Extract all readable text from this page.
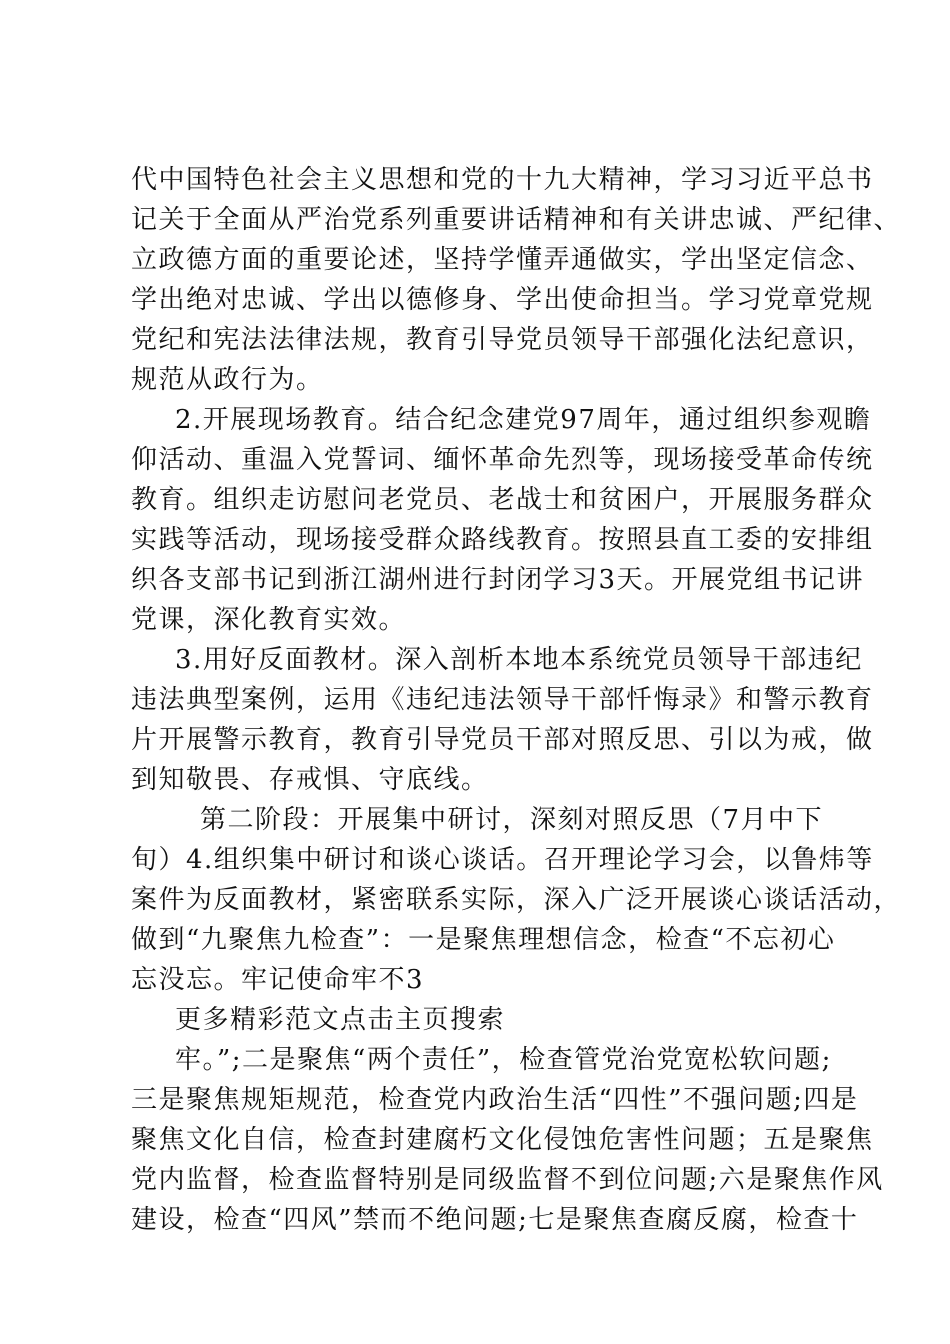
代中国特色社会主义思想和党的十九大精神，学习习近平总书
记关于全面从严治党系列重要讲话精神和有关讲忠诚、严纪律、
立政德方面的重要论述，坚持学懂弄通做实，学出坚定信念、
学出绝对忠诚、学出以德修身、学出使命担当。学习党章党规
党纪和宪法法律法规，教育引导党员领导干部强化法纪意识，
规范从政行为。
2.开展现场教育。结合纪念建党97周年，通过组织参观瞻
仰活动、重温入党誓词、缅怀革命先烈等，现场接受革命传统
教育。组织走访慰问老党员、老战士和贫困户，开展服务群众
实践等活动，现场接受群众路线教育。按照县直工委的安排组
织各支部书记到浙江湖州进行封闭学习3天。开展党组书记讲
党课，深化教育实效。
3.用好反面教材。深入剖析本地本系统党员领导干部违纪
违法典型案例，运用《违纪违法领导干部忏悔录》和警示教育
片开展警示教育，教育引导党员干部对照反思、引以为戒，做
到知敬畏、存戒惧、守底线。
第二阶段：开展集中研讨，深刻对照反思（7月中下
旬）4.组织集中研讨和谈心谈话。召开理论学习会，以鲁炜等
案件为反面教材，紧密联系实际，深入广泛开展谈心谈话活动，
做到“九聚焦九检查”：一是聚焦理想信念，检查“不忘初心
忘没忘。牢记使命牢不3
更多精彩范文点击主页搜索
牢。”;二是聚焦“两个责任”，检查管党治党宽松软问题;
三是聚焦规矩规范，检查党内政治生活“四性”不强问题;四是
聚焦文化自信，检查封建腐朽文化侵蚀危害性问题；五是聚焦
党内监督，检查监督特别是同级监督不到位问题;六是聚焦作风
建设，检查“四风”禁而不绝问题;七是聚焦查腐反腐，检查十
